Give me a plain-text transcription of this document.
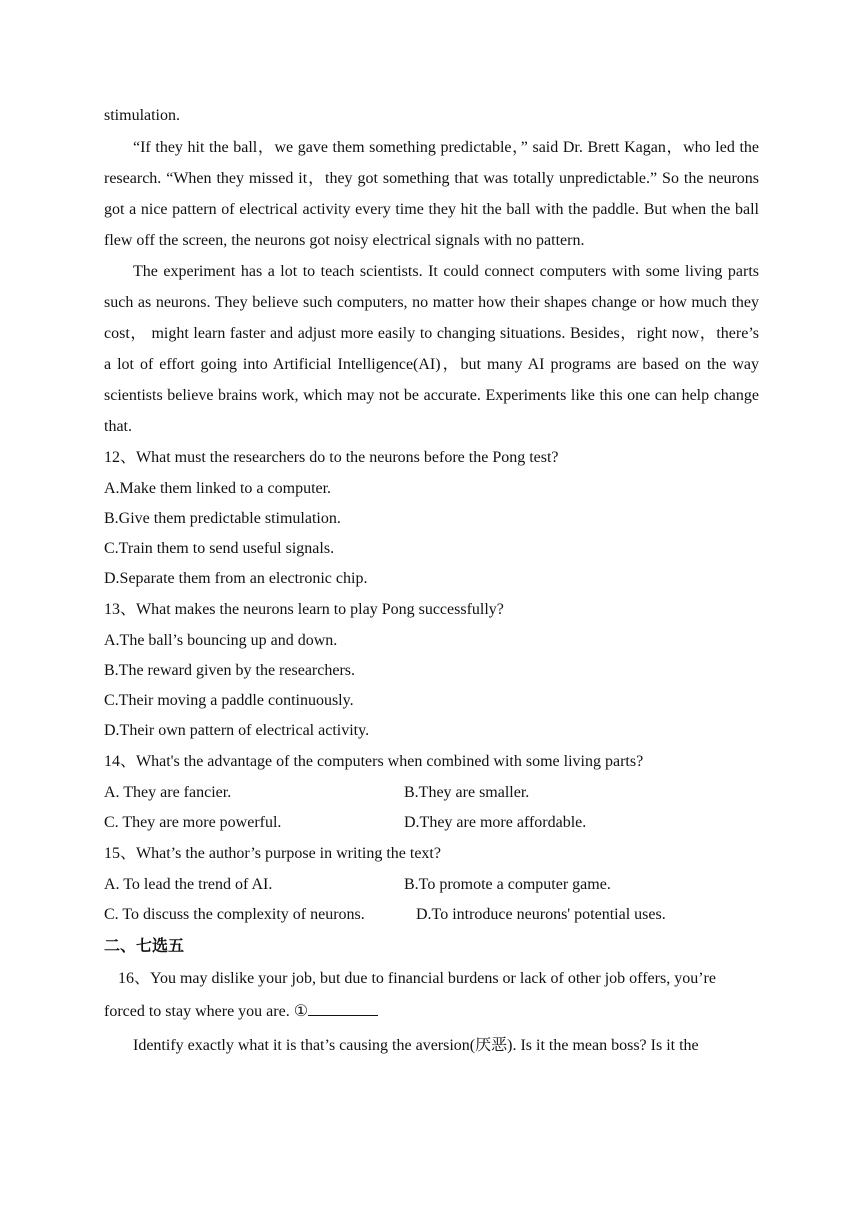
stimulation.

“If they hit the ball，we gave them something predictable，” said Dr. Brett Kagan，who led the research. “When they missed it，they got something that was totally unpredictable.” So the neurons got a nice pattern of electrical activity every time they hit the ball with the paddle. But when the ball flew off the screen, the neurons got noisy electrical signals with no pattern.

The experiment has a lot to teach scientists. It could connect computers with some living parts such as neurons. They believe such computers, no matter how their shapes change or how much they cost， might learn faster and adjust more easily to changing situations. Besides，right now，there’s a lot of effort going into Artificial Intelligence(AI)，but many AI programs are based on the way scientists believe brains work, which may not be accurate. Experiments like this one can help change that.

12、What must the researchers do to the neurons before the Pong test?

A.Make them linked to a computer.

B.Give them predictable stimulation.

C.Train them to send useful signals.

D.Separate them from an electronic chip.

13、What makes the neurons learn to play Pong successfully?

A.The ball’s bouncing up and down.

B.The reward given by the researchers.

C.Their moving a paddle continuously.

D.Their own pattern of electrical activity.

14、What's the advantage of the computers when combined with some living parts?

A. They are fancier.	B.They are smaller.
C. They are more powerful.	D.They are more affordable.

15、What’s the author’s purpose in writing the text?

A. To lead the trend of AI.	B.To promote a computer game.
C. To discuss the complexity of neurons.	D.To introduce neurons' potential uses.

二、七选五

16、You may dislike your job, but due to financial burdens or lack of other job offers, you’re forced to stay where you are. ①

Identify exactly what it is that’s causing the aversion(厌恶). Is it the mean boss? Is it the
